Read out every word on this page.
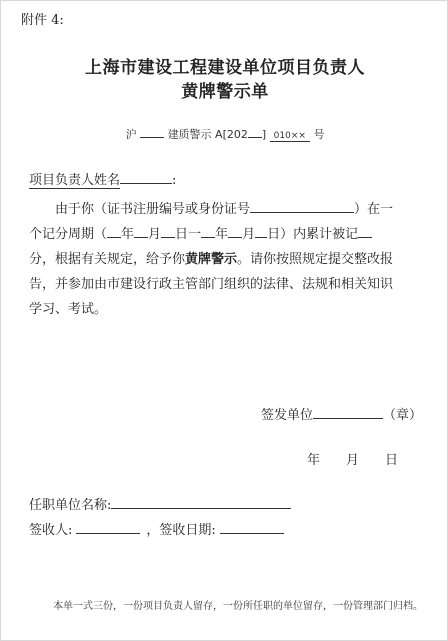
附件 4:
上海市建设工程建设单位项目负责人
黄牌警示单
沪	建质警示 A[202 ] 010×× 号
项目负责人姓名	:
由于你（证书注册编号或身份证号	）在一
个记分周期（ 年 月 日一 年 月 日）内累计被记
分，根据有关规定，给予你黄牌警示。请你按照规定提交整改报
告，并参加由市建设行政主管部门组织的法律、法规和相关知识
学习、考试。
签发单位	（章）
年 月 日
任职单位名称:
签收人:	，签收日期:
本单一式三份，一份项目负责人留存，一份所任职的单位留存，一份管理部门归档。
